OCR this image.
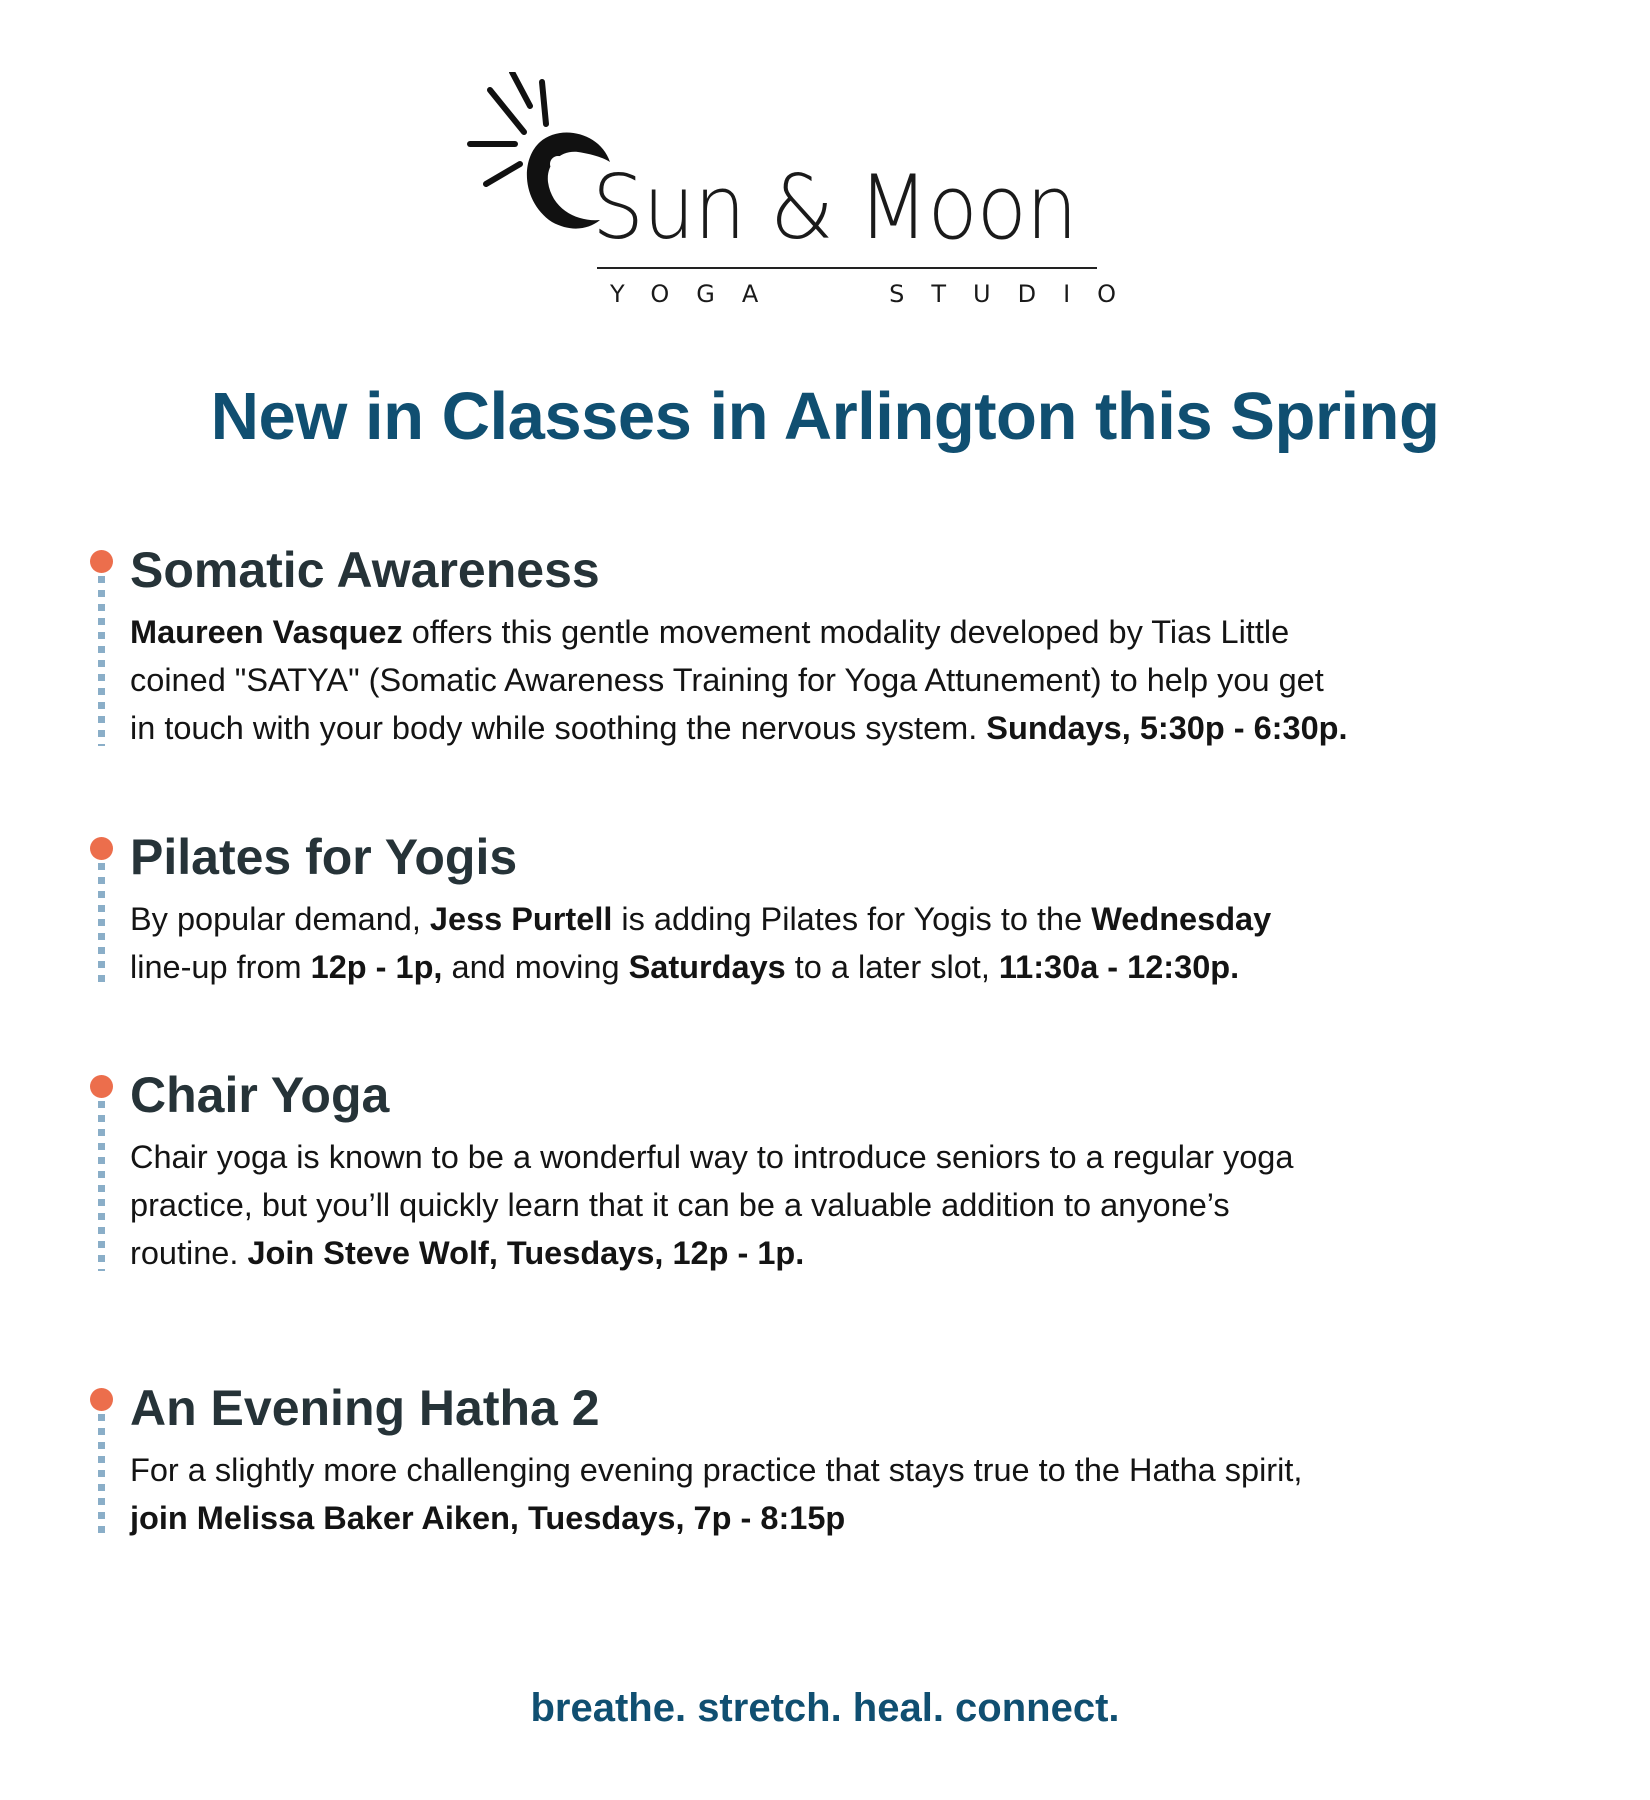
Sun & Moon
YOGA   STUDIO
New in Classes in Arlington this Spring
Somatic Awareness

Maureen Vasquez offers this gentle movement modality developed by Tias Little
coined "SATYA" (Somatic Awareness Training for Yoga Attunement) to help you get
in touch with your body while soothing the nervous system. Sundays, 5:30p - 6:30p.

Pilates for Yogis

By popular demand, Jess Purtell is adding Pilates for Yogis to the Wednesday
line-up from 12p - 1p, and moving Saturdays to a later slot, 11:30a - 12:30p.

Chair Yoga

Chair yoga is known to be a wonderful way to introduce seniors to a regular yoga
practice, but you’ll quickly learn that it can be a valuable addition to anyone’s
routine. Join Steve Wolf, Tuesdays, 12p - 1p.

An Evening Hatha 2

For a slightly more challenging evening practice that stays true to the Hatha spirit,
join Melissa Baker Aiken, Tuesdays, 7p - 8:15p

breathe. stretch. heal. connect.
